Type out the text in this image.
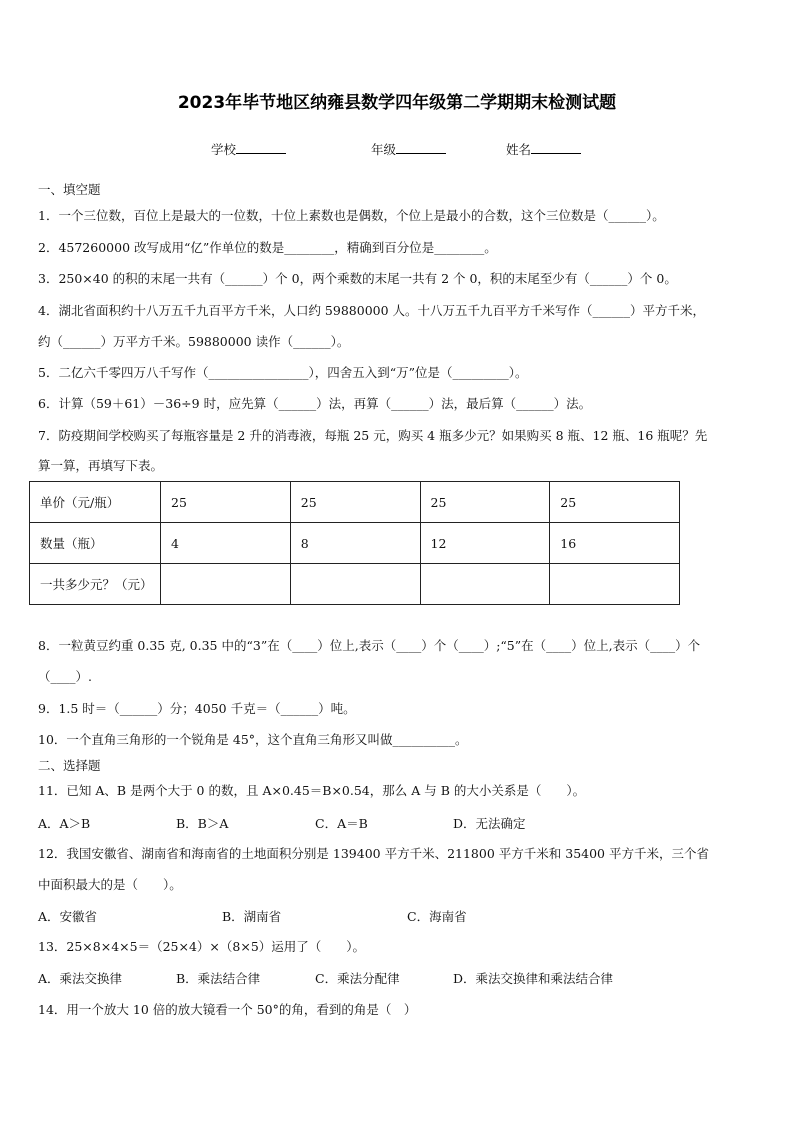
2023年毕节地区纳雍县数学四年级第二学期期末检测试题
学校	年级	姓名
一、填空题
1．一个三位数，百位上是最大的一位数，十位上素数也是偶数，个位上是最小的合数，这个三位数是（______）。
2．457260000 改写成用“亿”作单位的数是________，精确到百分位是________。
3．250×40 的积的末尾一共有（______）个 0，两个乘数的末尾一共有 2 个 0，积的末尾至少有（______）个 0。
4．湖北省面积约十八万五千九百平方千米，人口约 59880000 人。十八万五千九百平方千米写作（______）平方千米，
约（______）万平方千米。59880000 读作（______）。
5．二亿六千零四万八千写作（________________），四舍五入到“万”位是（_________）。
6．计算（59＋61）－36÷9 时，应先算（______）法，再算（______）法，最后算（______）法。
7．防疫期间学校购买了每瓶容量是 2 升的消毒液，每瓶 25 元，购买 4 瓶多少元？如果购买 8 瓶、12 瓶、16 瓶呢？先
算一算，再填写下表。
单价（元/瓶）	25	25	25	25
数量（瓶）	4	8	12	16
一共多少元？（元）				
8．一粒黄豆约重 0.35 克, 0.35 中的“3”在（____）位上,表示（____）个（____）;“5”在（____）位上,表示（____）个
（____）.
9．1.5 时＝（______）分；4050 千克＝（______）吨。
10．一个直角三角形的一个锐角是 45°，这个直角三角形又叫做__________。
二、选择题
11．已知 A、B 是两个大于 0 的数，且 A×0.45＝B×0.54，那么 A 与 B 的大小关系是（　　）。
A．A＞B	B．B＞A	C．A＝B	D．无法确定
12．我国安徽省、湖南省和海南省的土地面积分别是 139400 平方千米、211800 平方千米和 35400 平方千米，三个省
中面积最大的是（　　）。
A．安徽省	B．湖南省	C．海南省
13．25×8×4×5＝（25×4）×（8×5）运用了（　　）。
A．乘法交换律	B．乘法结合律	C．乘法分配律	D．乘法交换律和乘法结合律
14．用一个放大 10 倍的放大镜看一个 50°的角，看到的角是（　）
